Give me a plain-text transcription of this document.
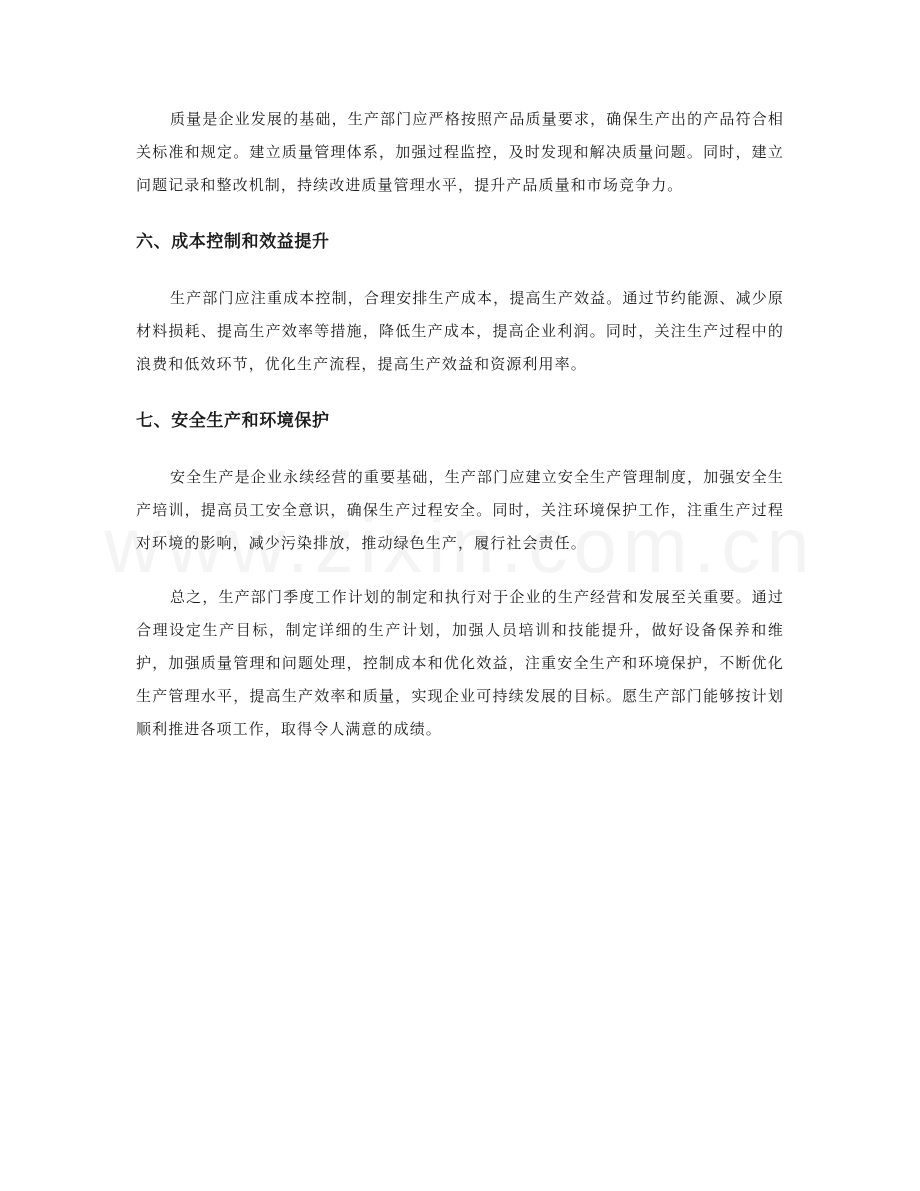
质量是企业发展的基础，生产部门应严格按照产品质量要求，确保生产出的产品符合相关标准和规定。建立质量管理体系，加强过程监控，及时发现和解决质量问题。同时，建立问题记录和整改机制，持续改进质量管理水平，提升产品质量和市场竞争力。

六、成本控制和效益提升

生产部门应注重成本控制，合理安排生产成本，提高生产效益。通过节约能源、减少原材料损耗、提高生产效率等措施，降低生产成本，提高企业利润。同时，关注生产过程中的浪费和低效环节，优化生产流程，提高生产效益和资源利用率。

七、安全生产和环境保护

安全生产是企业永续经营的重要基础，生产部门应建立安全生产管理制度，加强安全生产培训，提高员工安全意识，确保生产过程安全。同时，关注环境保护工作，注重生产过程对环境的影响，减少污染排放，推动绿色生产，履行社会责任。

总之，生产部门季度工作计划的制定和执行对于企业的生产经营和发展至关重要。通过合理设定生产目标，制定详细的生产计划，加强人员培训和技能提升，做好设备保养和维护，加强质量管理和问题处理，控制成本和优化效益，注重安全生产和环境保护，不断优化生产管理水平，提高生产效率和质量，实现企业可持续发展的目标。愿生产部门能够按计划顺利推进各项工作，取得令人满意的成绩。
